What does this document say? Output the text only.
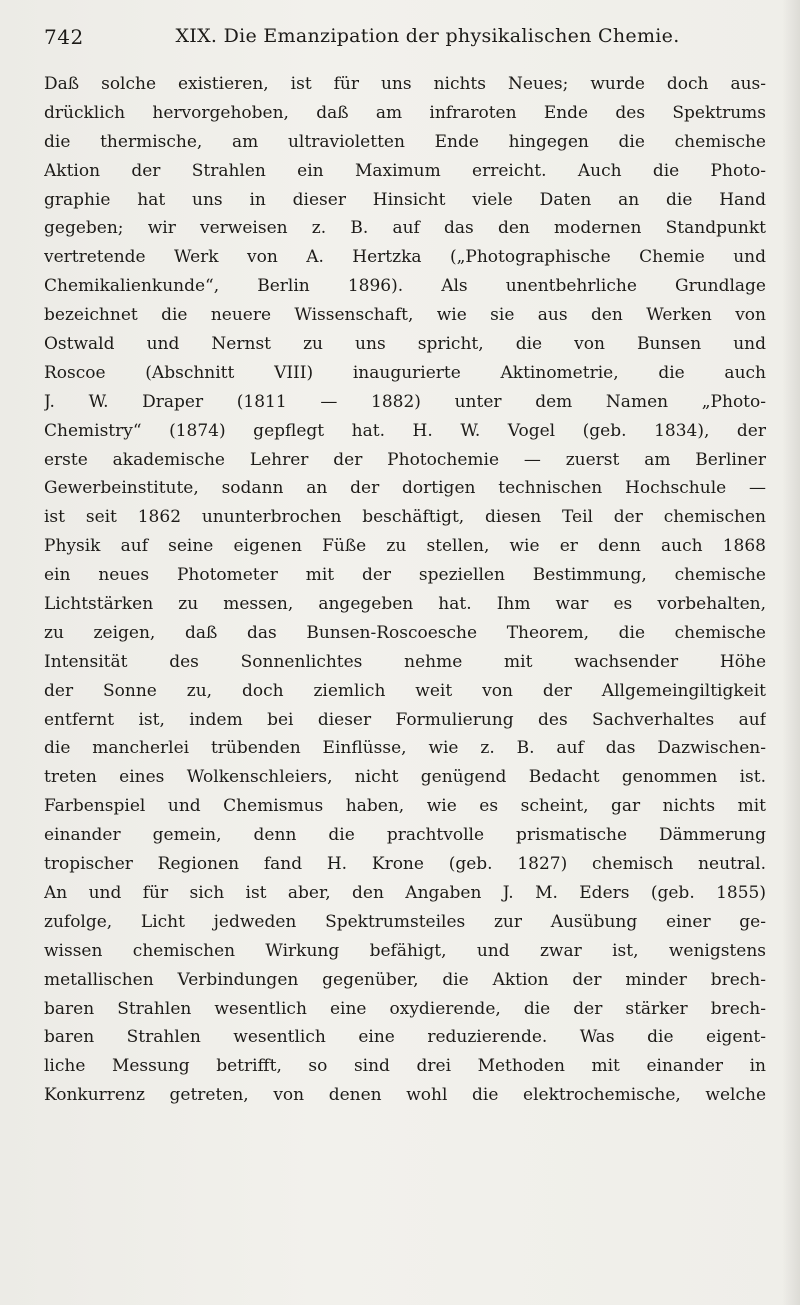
742	XIX. Die Emanzipation der physikalischen Chemie.
Daß solche existieren, ist für uns nichts Neues; wurde doch aus-
drücklich hervorgehoben, daß am infraroten Ende des Spektrums
die thermische, am ultravioletten Ende hingegen die chemische
Aktion der Strahlen ein Maximum erreicht. Auch die Photo-
graphie hat uns in dieser Hinsicht viele Daten an die Hand
gegeben; wir verweisen z. B. auf das den modernen Standpunkt
vertretende Werk von A. Hertzka („Photographische Chemie und
Chemikalienkunde“, Berlin 1896). Als unentbehrliche Grundlage
bezeichnet die neuere Wissenschaft, wie sie aus den Werken von
Ostwald und Nernst zu uns spricht, die von Bunsen und
Roscoe (Abschnitt VIII) inaugurierte Aktinometrie, die auch
J. W. Draper (1811 — 1882) unter dem Namen „Photo-
Chemistry“ (1874) gepflegt hat. H. W. Vogel (geb. 1834), der
erste akademische Lehrer der Photochemie — zuerst am Berliner
Gewerbeinstitute, sodann an der dortigen technischen Hochschule —
ist seit 1862 ununterbrochen beschäftigt, diesen Teil der chemischen
Physik auf seine eigenen Füße zu stellen, wie er denn auch 1868
ein neues Photometer mit der speziellen Bestimmung, chemische
Lichtstärken zu messen, angegeben hat. Ihm war es vorbehalten,
zu zeigen, daß das Bunsen-Roscoesche Theorem, die chemische
Intensität des Sonnenlichtes nehme mit wachsender Höhe
der Sonne zu, doch ziemlich weit von der Allgemeingiltigkeit
entfernt ist, indem bei dieser Formulierung des Sachverhaltes auf
die mancherlei trübenden Einflüsse, wie z. B. auf das Dazwischen-
treten eines Wolkenschleiers, nicht genügend Bedacht genommen ist.
Farbenspiel und Chemismus haben, wie es scheint, gar nichts mit
einander gemein, denn die prachtvolle prismatische Dämmerung
tropischer Regionen fand H. Krone (geb. 1827) chemisch neutral.
An und für sich ist aber, den Angaben J. M. Eders (geb. 1855)
zufolge, Licht jedweden Spektrumsteiles zur Ausübung einer ge-
wissen chemischen Wirkung befähigt, und zwar ist, wenigstens
metallischen Verbindungen gegenüber, die Aktion der minder brech-
baren Strahlen wesentlich eine oxydierende, die der stärker brech-
baren Strahlen wesentlich eine reduzierende. Was die eigent-
liche Messung betrifft, so sind drei Methoden mit einander in
Konkurrenz getreten, von denen wohl die elektrochemische, welche
